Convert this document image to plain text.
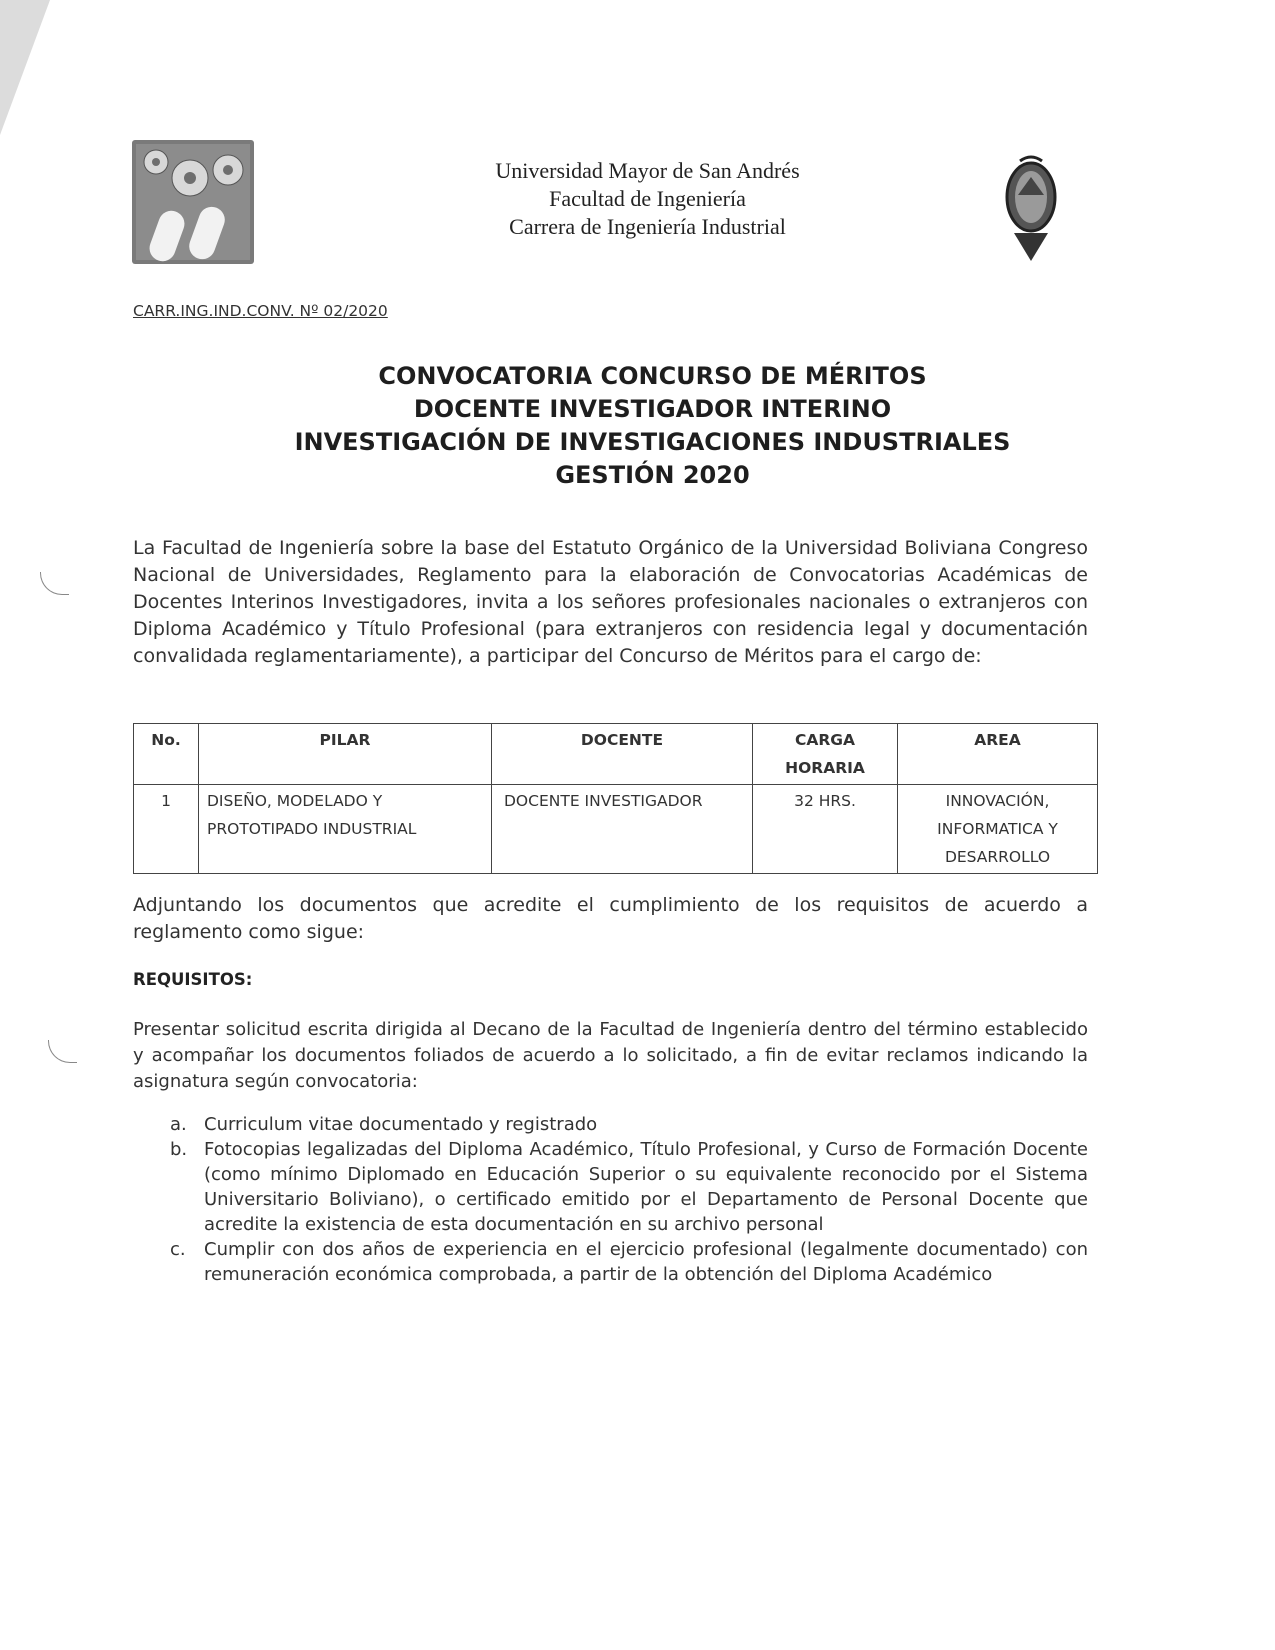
Universidad Mayor de San Andrés
Facultad de Ingeniería
Carrera de Ingeniería Industrial
CARR.ING.IND.CONV. Nº 02/2020
CONVOCATORIA CONCURSO DE MÉRITOS
DOCENTE INVESTIGADOR INTERINO
INVESTIGACIÓN DE INVESTIGACIONES INDUSTRIALES
GESTIÓN 2020
La Facultad de Ingeniería sobre la base del Estatuto Orgánico de la Universidad Boliviana Congreso Nacional de Universidades, Reglamento para la elaboración de Convocatorias Académicas de Docentes Interinos Investigadores, invita a los señores profesionales nacionales o extranjeros con Diploma Académico y Título Profesional (para extranjeros con residencia legal y documentación convalidada reglamentariamente), a participar del Concurso de Méritos para el cargo de:
No.	PILAR	DOCENTE	CARGA HORARIA	AREA
1	DISEÑO, MODELADO Y PROTOTIPADO INDUSTRIAL	DOCENTE INVESTIGADOR	32 HRS.	INNOVACIÓN, INFORMATICA Y DESARROLLO
Adjuntando los documentos que acredite el cumplimiento de los requisitos de acuerdo a reglamento como sigue:
REQUISITOS:
Presentar solicitud escrita dirigida al Decano de la Facultad de Ingeniería dentro del término establecido y acompañar los documentos foliados de acuerdo a lo solicitado, a fin de evitar reclamos indicando la asignatura según convocatoria:
a. Curriculum vitae documentado y registrado
b. Fotocopias legalizadas del Diploma Académico, Título Profesional, y Curso de Formación Docente (como mínimo Diplomado en Educación Superior o su equivalente reconocido por el Sistema Universitario Boliviano), o certificado emitido por el Departamento de Personal Docente que acredite la existencia de esta documentación en su archivo personal
c. Cumplir con dos años de experiencia en el ejercicio profesional (legalmente documentado) con remuneración económica comprobada, a partir de la obtención del Diploma Académico
